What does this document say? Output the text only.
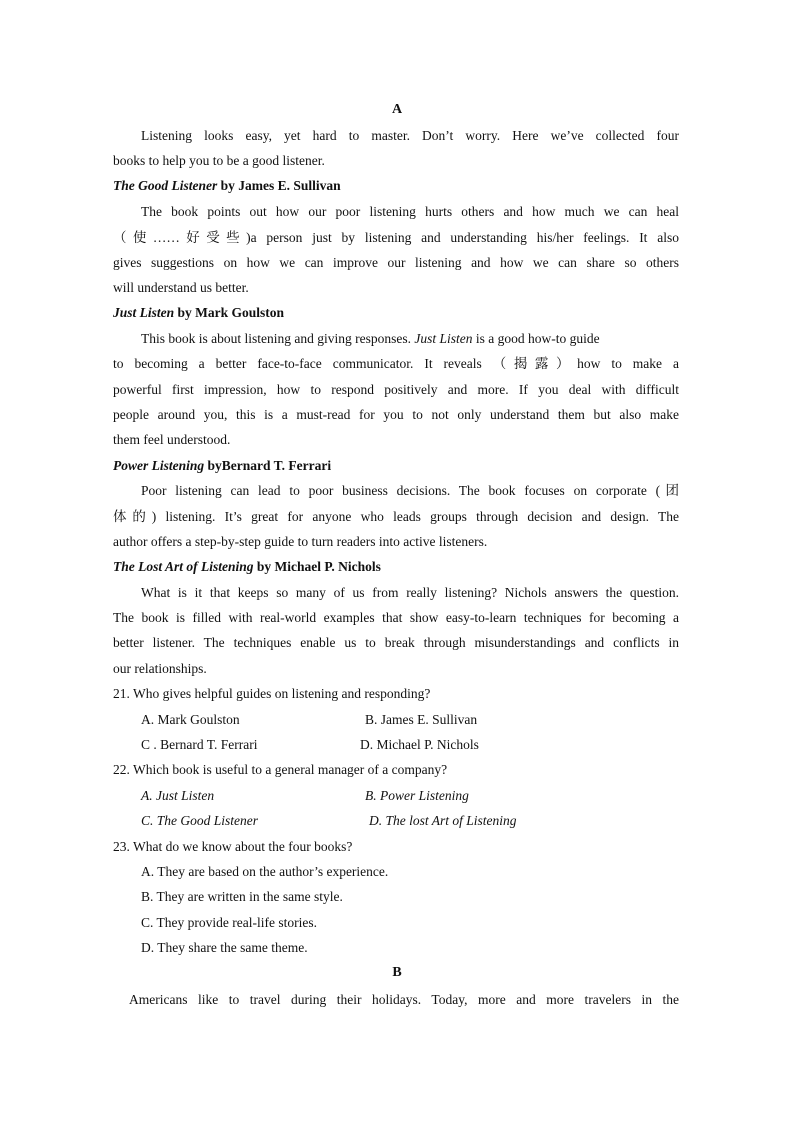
A
Listening looks easy, yet hard to master. Don’t worry. Here we’ve collected four
books to help you to be a good listener.
The Good Listener by James E. Sullivan
The book points out how our poor listening hurts others and how much we can heal
（使……好受些)a person just by listening and understanding his/her feelings. It also
gives suggestions on how we can improve our listening and how we can share so others
will understand us better.
Just Listen by Mark Goulston
This book is about listening and giving responses. Just Listen is a good how-to guide
to becoming a better face-to-face communicator. It reveals （揭露）how to make a
powerful first impression, how to respond positively and more. If you deal with difficult
people around you, this is a must-read for you to not only understand them but also make
them feel understood.
Power Listening byBernard T. Ferrari
Poor listening can lead to poor business decisions. The book focuses on corporate (团
体的) listening. It’s great for anyone who leads groups through decision and design. The
author offers a step-by-step guide to turn readers into active listeners.
The Lost Art of Listening by Michael P. Nichols
What is it that keeps so many of us from really listening? Nichols answers the question.
The book is filled with real-world examples that show easy-to-learn techniques for becoming a
better listener. The techniques enable us to break through misunderstandings and conflicts in
our relationships.
21. Who gives helpful guides on listening and responding?
A. Mark Goulston	B. James E. Sullivan
C . Bernard T. Ferrari	D. Michael P. Nichols
22. Which book is useful to a general manager of a company?
A. Just Listen	B. Power Listening
C. The Good Listener	D. The lost Art of Listening
23. What do we know about the four books?
A. They are based on the author’s experience.
B. They are written in the same style.
C. They provide real-life stories.
D. They share the same theme.
B
Americans like to travel during their holidays. Today, more and more travelers in the
